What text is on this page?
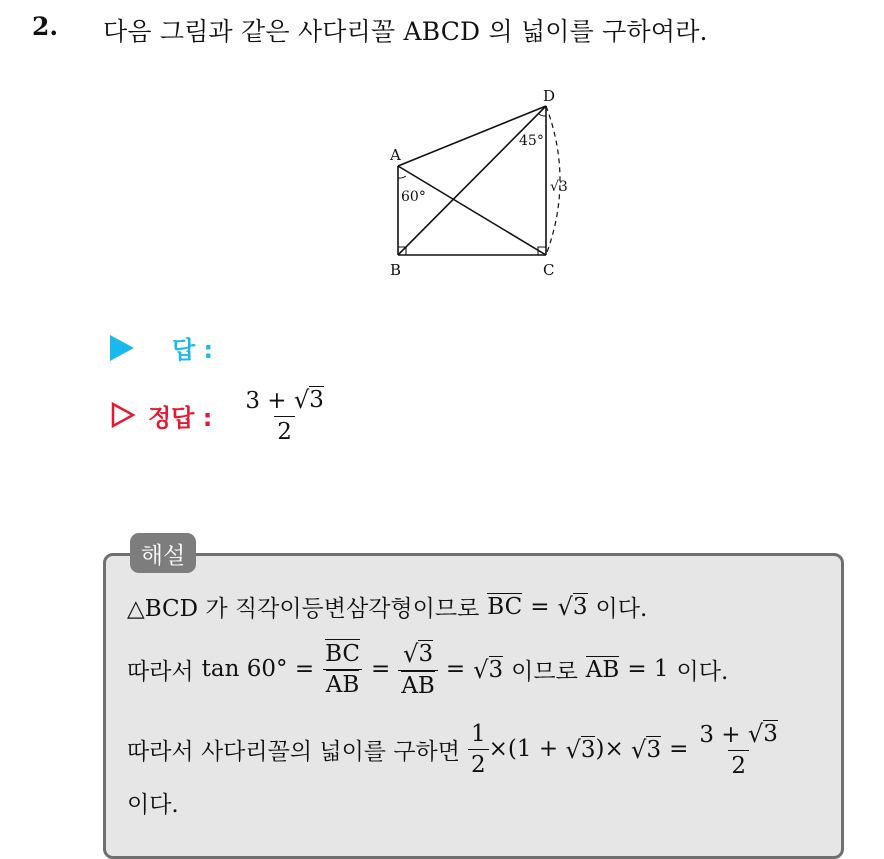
2. 다음 그림과 같은 사다리꼴 ABCD 의 넓이를 구하여라.
A
B	C
D
60°
45°
√3
답 :
정답 : $\frac{3 + √ 3}{2}$
해설
△BCD 가 직각이등변삼각형이므로 BC = √ 3 이다.
따라서 $\tan 60^\circ = \frac{BC}{AB} = \frac{√ 3}{AB}$ = √ 3 이므로 AB = 1 이다.
따라서 사다리꼴의 넓이를 구하면 $\frac{1}{2} \times (1$ +
√ 3 ) ×
√ $3 = \frac{3 + √ 3}{2}$
이다.
